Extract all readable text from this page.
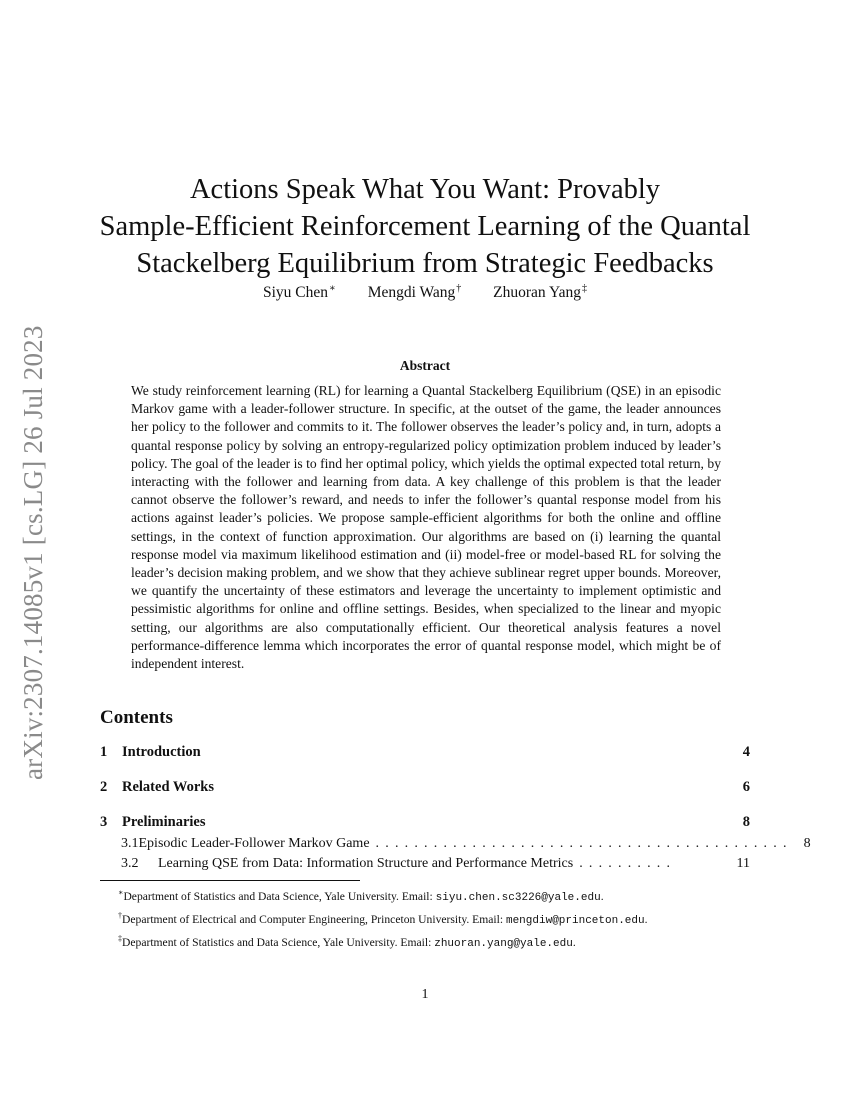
arXiv:2307.14085v1 [cs.LG] 26 Jul 2023
Actions Speak What You Want: Provably
Sample-Efficient Reinforcement Learning of the Quantal
Stackelberg Equilibrium from Strategic Feedbacks
Siyu Chen∗ Mengdi Wang† Zhuoran Yang‡
Abstract

We study reinforcement learning (RL) for learning a Quantal Stackelberg Equilibrium (QSE) in an episodic Markov game with a leader-follower structure. In specific, at the outset of the game, the leader announces her policy to the follower and commits to it. The follower observes the leader’s policy and, in turn, adopts a quantal response policy by solving an entropy-regularized policy optimization problem induced by leader’s policy. The goal of the leader is to find her optimal policy, which yields the optimal expected total return, by interacting with the follower and learning from data. A key challenge of this problem is that the leader cannot observe the follower’s reward, and needs to infer the follower’s quantal response model from his actions against leader’s policies. We propose sample-efficient algorithms for both the online and offline settings, in the context of function approximation. Our algorithms are based on (i) learning the quantal response model via maximum likelihood estimation and (ii) model-free or model-based RL for solving the leader’s decision making problem, and we show that they achieve sublinear regret upper bounds. Moreover, we quantify the uncertainty of these estimators and leverage the uncertainty to implement optimistic and pessimistic algorithms for online and offline settings. Besides, when specialized to the linear and myopic setting, our algorithms are also computationally efficient. Our theoretical analysis features a novel performance-difference lemma which incorporates the error of quantal response model, which might be of independent interest.

Contents
1	Introduction	4
2	Related Works	6
3	Preliminaries	8
3.1 Episodic Leader-Follower Markov Game ........................................... 8
3.2	Learning QSE from Data: Information Structure and Performance Metrics ..........	11
∗Department of Statistics and Data Science, Yale University. Email: siyu.chen.sc3226@yale.edu.
†Department of Electrical and Computer Engineering, Princeton University. Email: mengdiw@princeton.edu.
‡Department of Statistics and Data Science, Yale University. Email: zhuoran.yang@yale.edu.
1
